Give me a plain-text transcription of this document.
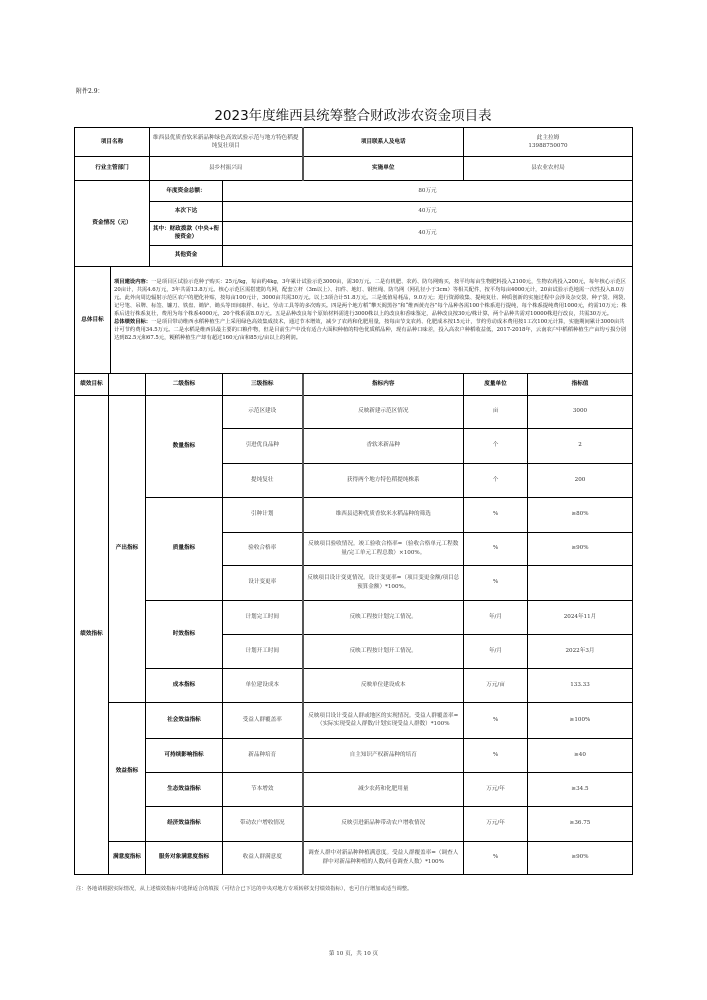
附件2.9：
2023年度维西县统筹整合财政涉农资金项目表
项目名称	维西县优质香软米新品种绿色高效试验示范与地方特色稻提纯复壮项目	项目联系人及电话	此主拉姆
13988750070

行业主管部门	县乡村振兴局	实施单位	县农业农村局
资金情况（元）	年度资金总额：	80万元
	本次下达	40万元
	其中：财政拨款（中央+衔接资金）	40万元
	其他资金	
总体目标	项目建设内容：一是项目区试验示范种子购买：25元/kg，每亩约4kg，3年累计试验示范3000亩，需30万元。二是有机肥、农药、防鸟网购买，按平均每亩生物肥料投入2100元，生物农药投入200元，每年核心示范区20亩计，共需4.6万元，3年共需13.8万元。核心示范区需搭建防鸟网，配套立杆（3m以上）、扣件、地钉、钢丝绳、防鸟网（网孔径小于3cm）等相关配件，按平均每亩4000元计，20亩试验示范地需一次性投入8.0万元。此外向周边辐射示范区农户的肥化补贴，按每亩100元计，3000亩共需30万元。以上3项合计51.8万元。三是低值易耗品，9.0万元；进行资源收集、提纯复壮、种质创新的实施过程中会涉及杂交袋、种子袋、网袋、记号笔、吊牌、标签、镰刀、铁盘、锄铲、锄头等田间取样、标记、劳动工具等的多次购买。四是两个地方稻“攀天阁黑谷”和“维西黄壳谷”每个品种各需100个株系进行提纯，每个株系提纯费用1000元，约需10万元；株系后进行株系复壮，费用为每个株系4000元，20个株系需8.0万元。五是品种改良每个原始材料需进行3000株以上的改良和香味鉴定，品种改良按30元/株计算，两个品种共需对10000株进行改良，共需30万元。
总体绩效目标：一是项目带动维西水稻种植生产上采用绿色高效集成技术，通过节本增效，减少了农药和化肥用量，按每亩节支农药、化肥成本按15元计，节约劳动成本费用按1工次100元计算，实施期间累计3000亩共计可节约费用34.5万元。二是水稻是维西县最主要的口粮作物，但是目前生产中没有适合大面积种植的特色优质稻品种，现有品种口味差，投入高农户种稻收益低，2017-2018年，云南农户中稻稻种植生产亩均亏损分别达到82.5元和67.5元，粳稻种植生产却有超过160元/亩和85元/亩以上的利润。
绩效目标		二级指标	三级指标	指标内容	度量单位	指标值
绩效指标	产出指标	数量指标	示范区建设	反映新建示范区情况	亩	3000
			引进优良品种	香软米新品种	个	2
			提纯复壮	获得两个地方特色稻提纯株系	个	200
		质量指标	引种计划	维西县适种优质香软米水稻品种的筛选	%	≥80%
			验收合格率	反映项目验收情况。竣工验收合格率=（验收合格单元工程数量/完工单元工程总数）×100%。	%	≥90%
			设计变更率	反映项目设计变更情况。设计变更率=（项目变更金额/项目总预算金额）*100%。	%	
		时效指标	计划完工时间	反映工程按计划完工情况。	年/月	2024年11月
			计划开工时间	反映工程按计划开工情况。	年/月	2022年3月
		成本指标	单位建设成本	反映单位建设成本	万元/亩	133.33
	效益指标	社会效益指标	受益人群覆盖率	反映项目设计受益人群或地区的实现情况。受益人群覆盖率=（实际实现受益人群数/计划实现受益人群数）*100%	%	≥100%
		可持续影响指标	新品种培育	自主知识产权新品种的培育	%	≥40
		生态效益指标	节本增效	减少农药和化肥用量	万元/年	≥34.5
		经济效益指标	带动农户增收情况	反映引进新品种带动农户增收情况	万元/年	≥36.75
	满意度指标	服务对象满意度指标	收益人群满意度	调查人群中对新品种种植满意度。受益人群覆盖率=（调查人群中对新品种种植的人数/问卷调查人数）*100%	%	≥90%
注：各地请根据实际情况，从上述绩效指标中选择适合的填报（可结合已下达的中央对地方专项转移支付绩效指标），也可自行增加或适当调整。
第 10 页，共 10 页
